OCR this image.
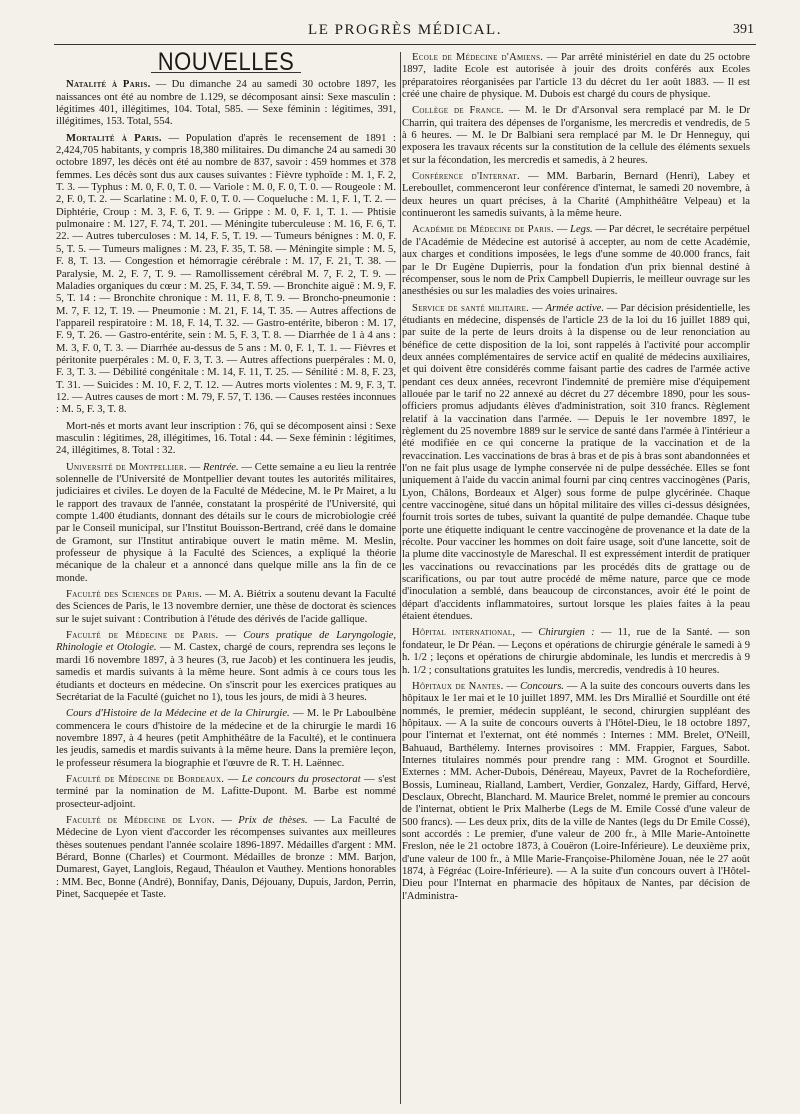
LE PROGRÈS MÉDICAL.	391
NOUVELLES

Natalité à Paris. — Du dimanche 24 au samedi 30 octobre 1897, les naissances ont été au nombre de 1.129, se décomposant ainsi: Sexe masculin : légitimes 401, illégitimes, 104. Total, 585. — Sexe féminin : légitimes, 391, illégitimes, 153. Total, 554.

Mortalité à Paris. — Population d'après le recensement de 1891 : 2,424,705 habitants, y compris 18,380 militaires. Du dimanche 24 au samedi 30 octobre 1897, les décès ont été au nombre de 837, savoir : 459 hommes et 378 femmes. Les décès sont dus aux causes suivantes : Fièvre typhoïde : M. 1, F. 2, T. 3. — Typhus : M. 0, F. 0, T. 0. — Variole : M. 0, F. 0, T. 0. — Rougeole : M. 2, F. 0, T. 2. — Scarlatine : M. 0, F. 0, T. 0. — Coqueluche : M. 1, F. 1, T. 2. — Diphtérie, Croup : M. 3, F. 6, T. 9. — Grippe : M. 0, F. 1, T. 1. — Phtisie pulmonaire : M. 127, F. 74, T. 201. — Méningite tuberculeuse : M. 16, F. 6, T. 22. — Autres tuberculoses : M. 14, F. 5, T. 19. — Tumeurs bénignes : M. 0, F. 5, T. 5. — Tumeurs malignes : M. 23, F. 35, T. 58. — Méningite simple : M. 5, F. 8, T. 13. — Congestion et hémorragie cérébrale : M. 17, F. 21, T. 38. — Paralysie, M. 2, F. 7, T. 9. — Ramollissement cérébral M. 7, F. 2, T. 9. — Maladies organiques du cœur : M. 25, F. 34, T. 59. — Bronchite aiguë : M. 9, F. 5, T. 14 : — Bronchite chronique : M. 11, F. 8, T. 9. — Broncho-pneumonie : M. 7, F. 12, T. 19. — Pneumonie : M. 21, F. 14, T. 35. — Autres affections de l'appareil respiratoire : M. 18, F. 14, T. 32. — Gastro-entérite, biberon : M. 17, F. 9, T. 26. — Gastro-entérite, sein : M. 5, F. 3, T. 8. — Diarrhée de 1 à 4 ans : M. 3, F. 0, T. 3. — Diarrhée au-dessus de 5 ans : M. 0, F. 1, T. 1. — Fièvres et péritonite puerpérales : M. 0, F. 3, T. 3. — Autres affections puerpérales : M. 0, F. 3, T. 3. — Débilité congénitale : M. 14, F. 11, T. 25. — Sénilité : M. 8, F. 23, T. 31. — Suicides : M. 10, F. 2, T. 12. — Autres morts violentes : M. 9, F. 3, T. 12. — Autres causes de mort : M. 79, F. 57, T. 136. — Causes restées inconnues : M. 5, F. 3, T. 8.

Mort-nés et morts avant leur inscription : 76, qui se décomposent ainsi : Sexe masculin : légitimes, 28, illégitimes, 16. Total : 44. — Sexe féminin : légitimes, 24, illégitimes, 8. Total : 32.

Université de Montpellier. — Rentrée. — Cette semaine a eu lieu la rentrée solennelle de l'Université de Montpellier devant toutes les autorités militaires, judiciaires et civiles. Le doyen de la Faculté de Médecine, M. le Pr Mairet, a lu le rapport des travaux de l'année, constatant la prospérité de l'Université, qui compte 1.400 étudiants, donnant des détails sur le cours de microbiologie créé par le Conseil municipal, sur l'Institut Bouisson-Bertrand, créé dans le domaine de Gramont, sur l'Institut antirabique ouvert le matin même. M. Meslin, professeur de physique à la Faculté des Sciences, a expliqué la théorie mécanique de la chaleur et a annoncé dans quelque mille ans la fin de ce monde.

Faculté des Sciences de Paris. — M. A. Biétrix a soutenu devant la Faculté des Sciences de Paris, le 13 novembre dernier, une thèse de doctorat ès sciences sur le sujet suivant : Contribution à l'étude des dérivés de l'acide gallique.

Faculté de Médecine de Paris. — Cours pratique de Laryngologie, Rhinologie et Otologie. — M. Castex, chargé de cours, reprendra ses leçons le mardi 16 novembre 1897, à 3 heures (3, rue Jacob) et les continuera les jeudis, samedis et mardis suivants à la même heure. Sont admis à ce cours tous les étudiants et docteurs en médecine. On s'inscrit pour les exercices pratiques au Secrétariat de la Faculté (guichet no 1), tous les jours, de midi à 3 heures.

Cours d'Histoire de la Médecine et de la Chirurgie. — M. le Pr Laboulbène commencera le cours d'histoire de la médecine et de la chirurgie le mardi 16 novembre 1897, à 4 heures (petit Amphithéâtre de la Faculté), et le continuera les jeudis, samedis et mardis suivants à la même heure. Dans la première leçon, le professeur résumera la biographie et l'œuvre de R. T. H. Laënnec.

Faculté de Médecine de Bordeaux. — Le concours du prosectorat — s'est terminé par la nomination de M. Lafitte-Dupont. M. Barbe est nommé prosecteur-adjoint.

Faculté de Médecine de Lyon. — Prix de thèses. — La Faculté de Médecine de Lyon vient d'accorder les récompenses suivantes aux meilleures thèses soutenues pendant l'année scolaire 1896-1897. Médailles d'argent : MM. Bérard, Bonne (Charles) et Courmont. Médailles de bronze : MM. Barjon, Dumarest, Gayet, Langlois, Regaud, Théaulon et Vauthey. Mentions honorables : MM. Bec, Bonne (André), Bonnifay, Danis, Déjouany, Dupuis, Jardon, Perrin, Pinet, Sacquepée et Taste.

Ecole de Médecine d'Amiens. — Par arrêté ministériel en date du 25 octobre 1897, ladite Ecole est autorisée à jouir des droits conférés aux Ecoles préparatoires réorganisées par l'article 13 du décret du 1er août 1883. — Il est créé une chaire de physique. M. Dubois est chargé du cours de physique.

Collège de France. — M. le Dr d'Arsonval sera remplacé par M. le Dr Charrin, qui traitera des dépenses de l'organisme, les mercredis et vendredis, de 5 à 6 heures. — M. le Dr Balbiani sera remplacé par M. le Dr Henneguy, qui exposera les travaux récents sur la constitution de la cellule des éléments sexuels et sur la fécondation, les mercredis et samedis, à 2 heures.

Conférence d'Internat. — MM. Barbarin, Bernard (Henri), Labey et Lereboullet, commenceront leur conférence d'internat, le samedi 20 novembre, à deux heures un quart précises, à la Charité (Amphithéâtre Velpeau) et la continueront les samedis suivants, à la même heure.

Académie de Médecine de Paris. — Legs. — Par décret, le secrétaire perpétuel de l'Académie de Médecine est autorisé à accepter, au nom de cette Académie, aux charges et conditions imposées, le legs d'une somme de 40.000 francs, fait par le Dr Eugène Dupierris, pour la fondation d'un prix biennal destiné à récompenser, sous le nom de Prix Campbell Dupierris, le meilleur ouvrage sur les anesthésies ou sur les maladies des voies urinaires.

Service de santé militaire. — Armée active. — Par décision présidentielle, les étudiants en médecine, dispensés de l'article 23 de la loi du 16 juillet 1889 qui, par suite de la perte de leurs droits à la dispense ou de leur renonciation au bénéfice de cette disposition de la loi, sont rappelés à l'activité pour accomplir deux années complémentaires de service actif en qualité de médecins auxiliaires, et qui doivent être considérés comme faisant partie des cadres de l'armée active pendant ces deux années, recevront l'indemnité de première mise d'équipement allouée par le tarif no 22 annexé au décret du 27 décembre 1890, pour les sous-officiers promus adjudants élèves d'administration, soit 310 francs. Règlement relatif à la vaccination dans l'armée. — Depuis le 1er novembre 1897, le règlement du 25 novembre 1889 sur le service de santé dans l'armée à l'intérieur a été modifiée en ce qui concerne la pratique de la vaccination et de la revaccination. Les vaccinations de bras à bras et de pis à bras sont abandonnées et l'on ne fait plus usage de lymphe conservée ni de pulpe desséchée. Elles se font uniquement à l'aide du vaccin animal fourni par cinq centres vaccinogènes (Paris, Lyon, Châlons, Bordeaux et Alger) sous forme de pulpe glycérinée. Chaque centre vaccinogène, situé dans un hôpital militaire des villes ci-dessus désignées, fournit trois sortes de tubes, suivant la quantité de pulpe demandée. Chaque tube porte une étiquette indiquant le centre vaccinogène de provenance et la date de la récolte. Pour vacciner les hommes on doit faire usage, soit d'une lancette, soit de la plume dite vaccinostyle de Mareschal. Il est expressément interdit de pratiquer les vaccinations ou revaccinations par les procédés dits de grattage ou de scarifications, ou par tout autre procédé de même nature, parce que ce mode d'inoculation a semblé, dans beaucoup de circonstances, avoir été le point de départ d'accidents inflammatoires, surtout lorsque les plaies faites à la peau étaient étendues.

Hôpital international, — Chirurgien : — 11, rue de la Santé. — son fondateur, le Dr Péan. — Leçons et opérations de chirurgie générale le samedi à 9 h. 1/2 ; leçons et opérations de chirurgie abdominale, les lundis et mercredis à 9 h. 1/2 ; consultations gratuites les lundis, mercredis, vendredis à 10 heures.

Hôpitaux de Nantes. — Concours. — A la suite des concours ouverts dans les hôpitaux le 1er mai et le 10 juillet 1897, MM. les Drs Mirallié et Sourdille ont été nommés, le premier, médecin suppléant, le second, chirurgien suppléant des hôpitaux. — A la suite de concours ouverts à l'Hôtel-Dieu, le 18 octobre 1897, pour l'internat et l'externat, ont été nommés : Internes : MM. Brelet, O'Neill, Bahuaud, Barthélemy. Internes provisoires : MM. Frappier, Fargues, Sabot. Internes titulaires nommés pour prendre rang : MM. Grognot et Sourdille. Externes : MM. Acher-Dubois, Dénéreau, Mayeux, Pavret de la Rochefordière, Bossis, Lumineau, Rialland, Lambert, Verdier, Gonzalez, Hardy, Giffard, Hervé, Desclaux, Obrecht, Blanchard. M. Maurice Brelet, nommé le premier au concours de l'internat, obtient le Prix Malherbe (Legs de M. Emile Cossé d'une valeur de 500 francs). — Les deux prix, dits de la ville de Nantes (legs du Dr Emile Cossé), sont accordés : Le premier, d'une valeur de 200 fr., à Mlle Marie-Antoinette Freslon, née le 21 octobre 1873, à Couëron (Loire-Inférieure). Le deuxième prix, d'une valeur de 100 fr., à Mlle Marie-Françoise-Philomène Jouan, née le 27 août 1874, à Fégréac (Loire-Inférieure). — A la suite d'un concours ouvert à l'Hôtel-Dieu pour l'Internat en pharmacie des hôpitaux de Nantes, par décision de l'Administra-
